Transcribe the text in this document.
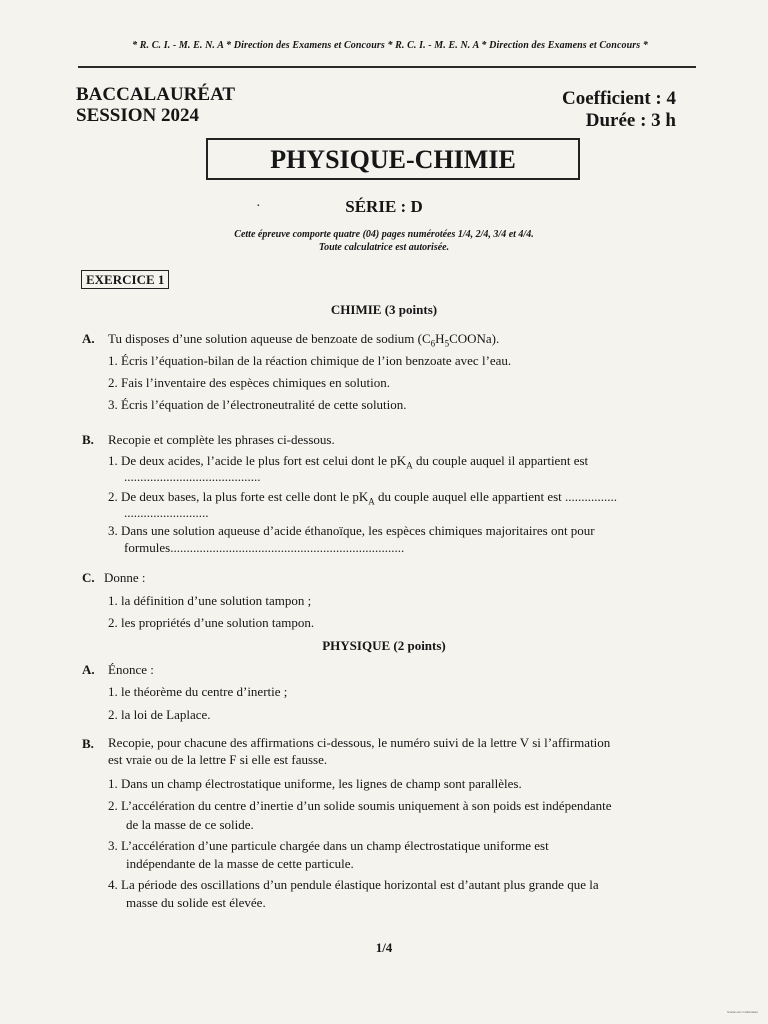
* R. C. I. - M. E. N. A * Direction des Examens et Concours * R. C. I. - M. E. N. A * Direction des Examens et Concours *
BACCALAURÉAT
SESSION 2024
Coefficient : 4
Durée : 3 h
PHYSIQUE-CHIMIE
·	SÉRIE : D
Cette épreuve comporte quatre (04) pages numérotées 1/4, 2/4, 3/4 et 4/4.
Toute calculatrice est autorisée.
EXERCICE 1
CHIMIE (3 points)
A. Tu disposes d’une solution aqueuse de benzoate de sodium $(C_6H_5COONa)$.
1. Écris l’équation-bilan de la réaction chimique de l’ion benzoate avec l’eau.
2. Fais l’inventaire des espèces chimiques en solution.
3. Écris l’équation de l’électroneutralité de cette solution.
B. Recopie et complète les phrases ci-dessous.
1. De deux acides, l’acide le plus fort est celui dont le $pK_A$ du couple auquel il appartient est
..........................................
2. De deux bases, la plus forte est celle dont le $pK_A$ du couple auquel elle appartient est ................
..........................
3. Dans une solution aqueuse d’acide éthanoïque, les espèces chimiques majoritaires ont pour
formules........................................................................
C. Donne :
1. la définition d’une solution tampon ;
2. les propriétés d’une solution tampon.
PHYSIQUE (2 points)
A. Énonce :
1. le théorème du centre d’inertie ;
2. la loi de Laplace.
B. Recopie, pour chacune des affirmations ci-dessous, le numéro suivi de la lettre V si l’affirmation
est vraie ou de la lettre F si elle est fausse.
1. Dans un champ électrostatique uniforme, les lignes de champ sont parallèles.
2. L’accélération du centre d’inertie d’un solide soumis uniquement à son poids est indépendante
de la masse de ce solide.
3. L’accélération d’une particule chargée dans un champ électrostatique uniforme est
indépendante de la masse de cette particule.
4. La période des oscillations d’un pendule élastique horizontal est d’autant plus grande que la
masse du solide est élevée.
1/4
Scanné avec CamScanner
